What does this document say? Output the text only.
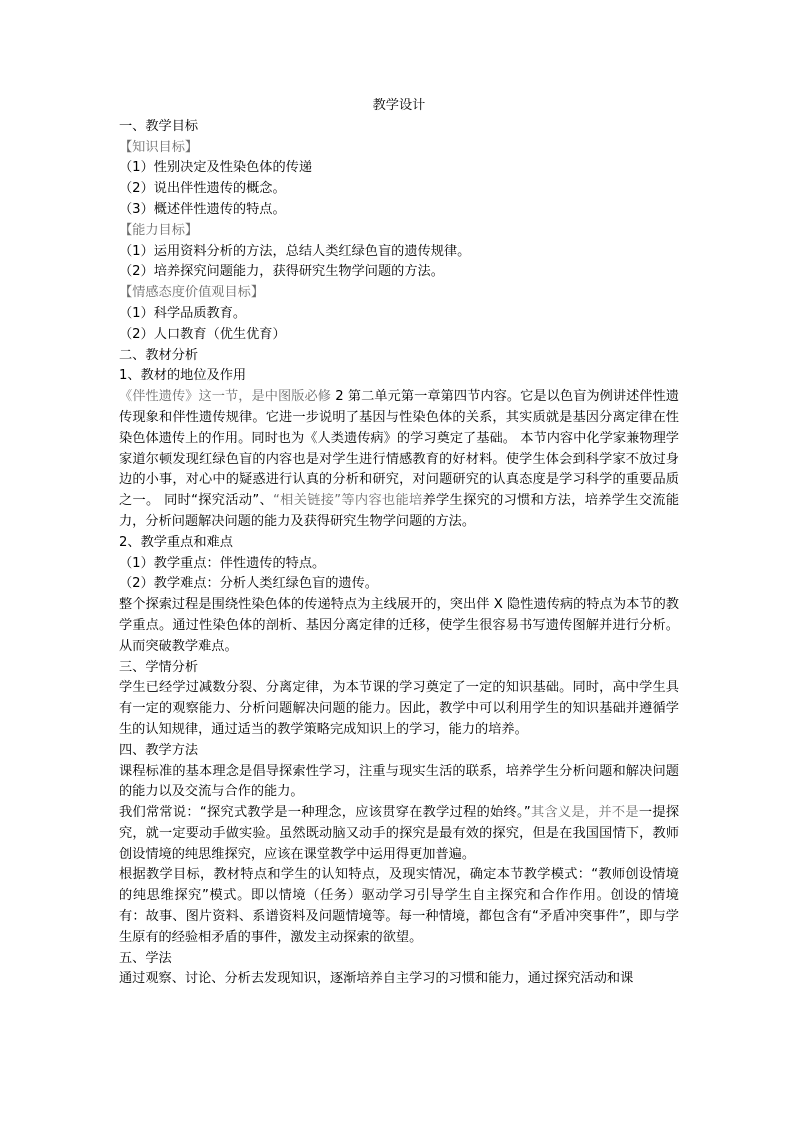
教学设计
一、教学目标
【知识目标】
（1）性别决定及性染色体的传递
（2）说出伴性遗传的概念。
（3）概述伴性遗传的特点。
【能力目标】
（1）运用资料分析的方法，总结人类红绿色盲的遗传规律。
（2）培养探究问题能力，获得研究生物学问题的方法。
【情感态度价值观目标】
（1）科学品质教育。
（2）人口教育（优生优育）
二、教材分析
1、教材的地位及作用
《伴性遗传》这一节，是中图版必修 2 第二单元第一章第四节内容。它是以色盲为例讲述伴性遗传现象和伴性遗传规律。它进一步说明了基因与性染色体的关系，其实质就是基因分离定律在性染色体遗传上的作用。同时也为《人类遗传病》的学习奠定了基础。 本节内容中化学家兼物理学家道尔顿发现红绿色盲的内容也是对学生进行情感教育的好材料。使学生体会到科学家不放过身边的小事，对心中的疑惑进行认真的分析和研究，对问题研究的认真态度是学习科学的重要品质之一。 同时“探究活动”、“相关链接”等内容也能培养学生探究的习惯和方法，培养学生交流能力，分析问题解决问题的能力及获得研究生物学问题的方法。
2、教学重点和难点
（1）教学重点：伴性遗传的特点。
（2）教学难点：分析人类红绿色盲的遗传。
整个探索过程是围绕性染色体的传递特点为主线展开的，突出伴 X 隐性遗传病的特点为本节的教学重点。通过性染色体的剖析、基因分离定律的迁移，使学生很容易书写遗传图解并进行分析。从而突破教学难点。
三、学情分析
学生已经学过减数分裂、分离定律，为本节课的学习奠定了一定的知识基础。同时，高中学生具有一定的观察能力、分析问题解决问题的能力。因此，教学中可以利用学生的知识基础并遵循学生的认知规律，通过适当的教学策略完成知识上的学习，能力的培养。
四、教学方法
课程标准的基本理念是倡导探索性学习，注重与现实生活的联系，培养学生分析问题和解决问题的能力以及交流与合作的能力。
我们常常说：“探究式教学是一种理念，应该贯穿在教学过程的始终。”其含义是，并不是一提探究，就一定要动手做实验。虽然既动脑又动手的探究是最有效的探究，但是在我国国情下，教师创设情境的纯思维探究，应该在课堂教学中运用得更加普遍。
根据教学目标，教材特点和学生的认知特点，及现实情况，确定本节教学模式：“教师创设情境的纯思维探究”模式。即以情境（任务）驱动学习引导学生自主探究和合作作用。创设的情境有：故事、图片资料、系谱资料及问题情境等。每一种情境，都包含有“矛盾冲突事件”，即与学生原有的经验相矛盾的事件，激发主动探索的欲望。
五、学法
通过观察、讨论、分析去发现知识，逐渐培养自主学习的习惯和能力，通过探究活动和课
